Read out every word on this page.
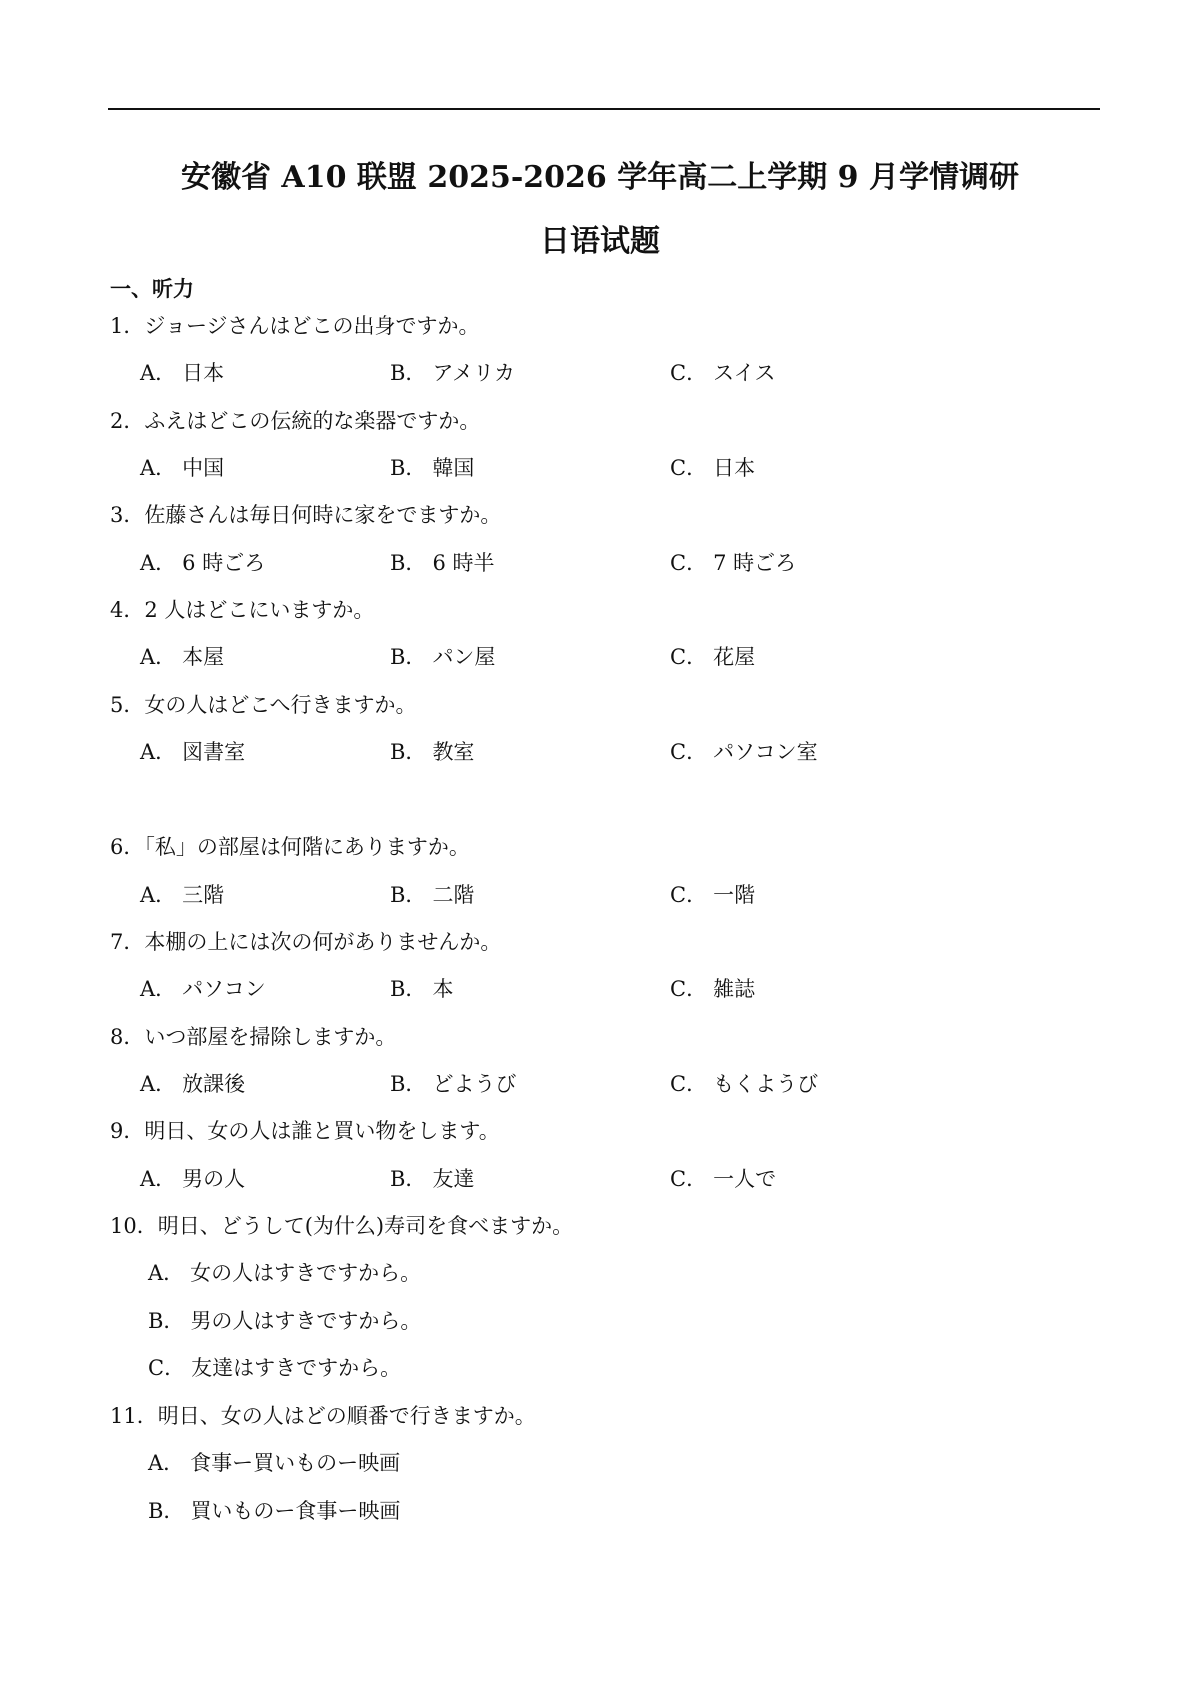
安徽省 A10 联盟 2025-2026 学年高二上学期 9 月学情调研
日语试题
一、听力
1．ジョージさんはどこの出身ですか。
A． 日本	B． アメリカ	C． スイス
2．ふえはどこの伝統的な楽器ですか。
A． 中国	B． 韓国	C． 日本
3．佐藤さんは毎日何時に家をでますか。
A． 6 時ごろ	B． 6 時半	C． 7 時ごろ
4．2 人はどこにいますか。
A． 本屋	B． パン屋	C． 花屋
5．女の人はどこへ行きますか。
A． 図書室	B． 教室	C． パソコン室
6．「私」の部屋は何階にありますか。
A． 三階	B． 二階	C． 一階
7．本棚の上には次の何がありませんか。
A． パソコン	B． 本	C． 雑誌
8．いつ部屋を掃除しますか。
A． 放課後	B． どようび	C． もくようび
9．明日、女の人は誰と買い物をします。
A． 男の人	B． 友達	C． 一人で
10．明日、どうして(为什么)寿司を食べますか。
A． 女の人はすきですから。
B． 男の人はすきですから。
C． 友達はすきですから。
11．明日、女の人はどの順番で行きますか。
A． 食事ー買いものー映画
B． 買いものー食事ー映画
